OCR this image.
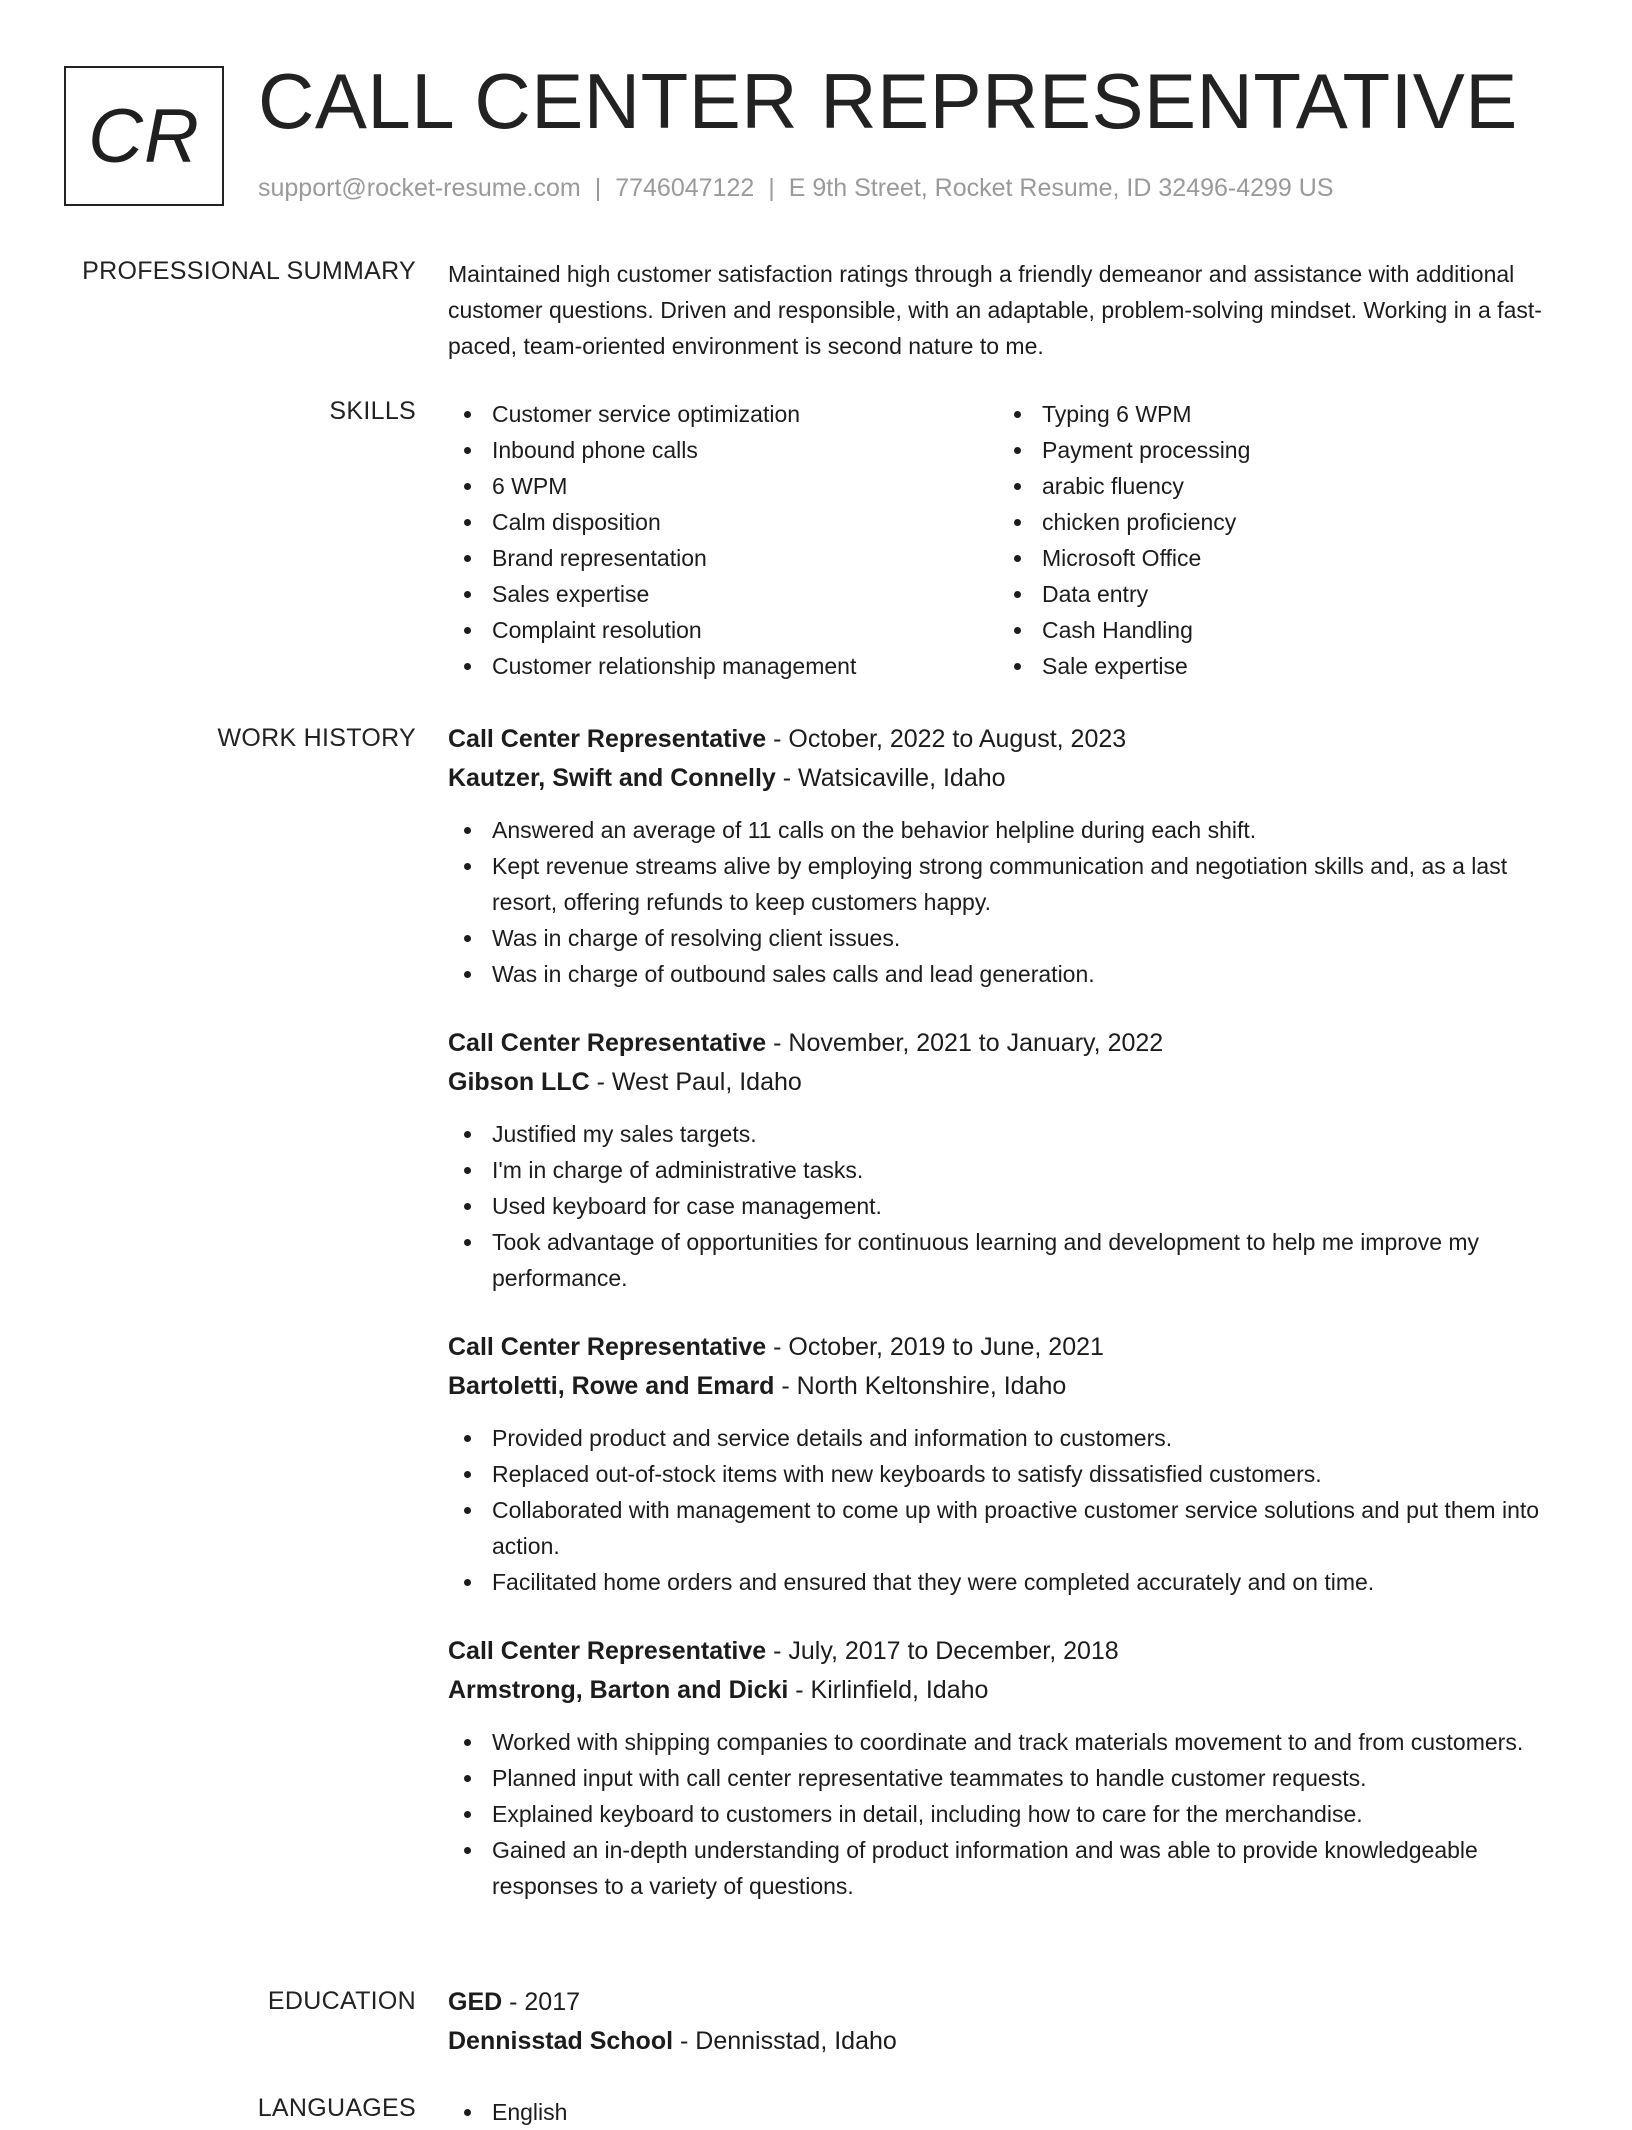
CR CALL CENTER REPRESENTATIVE
support@rocket-resume.com | 7746047122 | E 9th Street, Rocket Resume, ID 32496-4299 US
PROFESSIONAL SUMMARY Maintained high customer satisfaction ratings through a friendly demeanor and assistance with additional customer questions. Driven and responsible, with an adaptable, problem-solving mindset. Working in a fast-paced, team-oriented environment is second nature to me.

SKILLS	Customer service optimization
Inbound phone calls
6 WPM
Calm disposition
Brand representation
Sales expertise
Complaint resolution
Customer relationship management
Typing 6 WPM
Payment processing
arabic fluency
chicken proficiency
Microsoft Office
Data entry
Cash Handling
Sale expertise
WORK HISTORY Call Center Representative - October, 2022 to August, 2023
Kautzer, Swift and Connelly - Watsicaville, Idaho
Answered an average of 11 calls on the behavior helpline during each shift.
Kept revenue streams alive by employing strong communication and negotiation skills and, as a last resort, offering refunds to keep customers happy.
Was in charge of resolving client issues.
Was in charge of outbound sales calls and lead generation.
Call Center Representative - November, 2021 to January, 2022
Gibson LLC - West Paul, Idaho
Justified my sales targets.
I'm in charge of administrative tasks.
Used keyboard for case management.
Took advantage of opportunities for continuous learning and development to help me improve my performance.
Call Center Representative - October, 2019 to June, 2021
Bartoletti, Rowe and Emard - North Keltonshire, Idaho
Provided product and service details and information to customers.
Replaced out-of-stock items with new keyboards to satisfy dissatisfied customers.
Collaborated with management to come up with proactive customer service solutions and put them into action.
Facilitated home orders and ensured that they were completed accurately and on time.
Call Center Representative - July, 2017 to December, 2018
Armstrong, Barton and Dicki - Kirlinfield, Idaho
Worked with shipping companies to coordinate and track materials movement to and from customers.
Planned input with call center representative teammates to handle customer requests.
Explained keyboard to customers in detail, including how to care for the merchandise.
Gained an in-depth understanding of product information and was able to provide knowledgeable responses to a variety of questions.
EDUCATION GED - 2017
Dennisstad School - Dennisstad, Idaho
LANGUAGES	English
